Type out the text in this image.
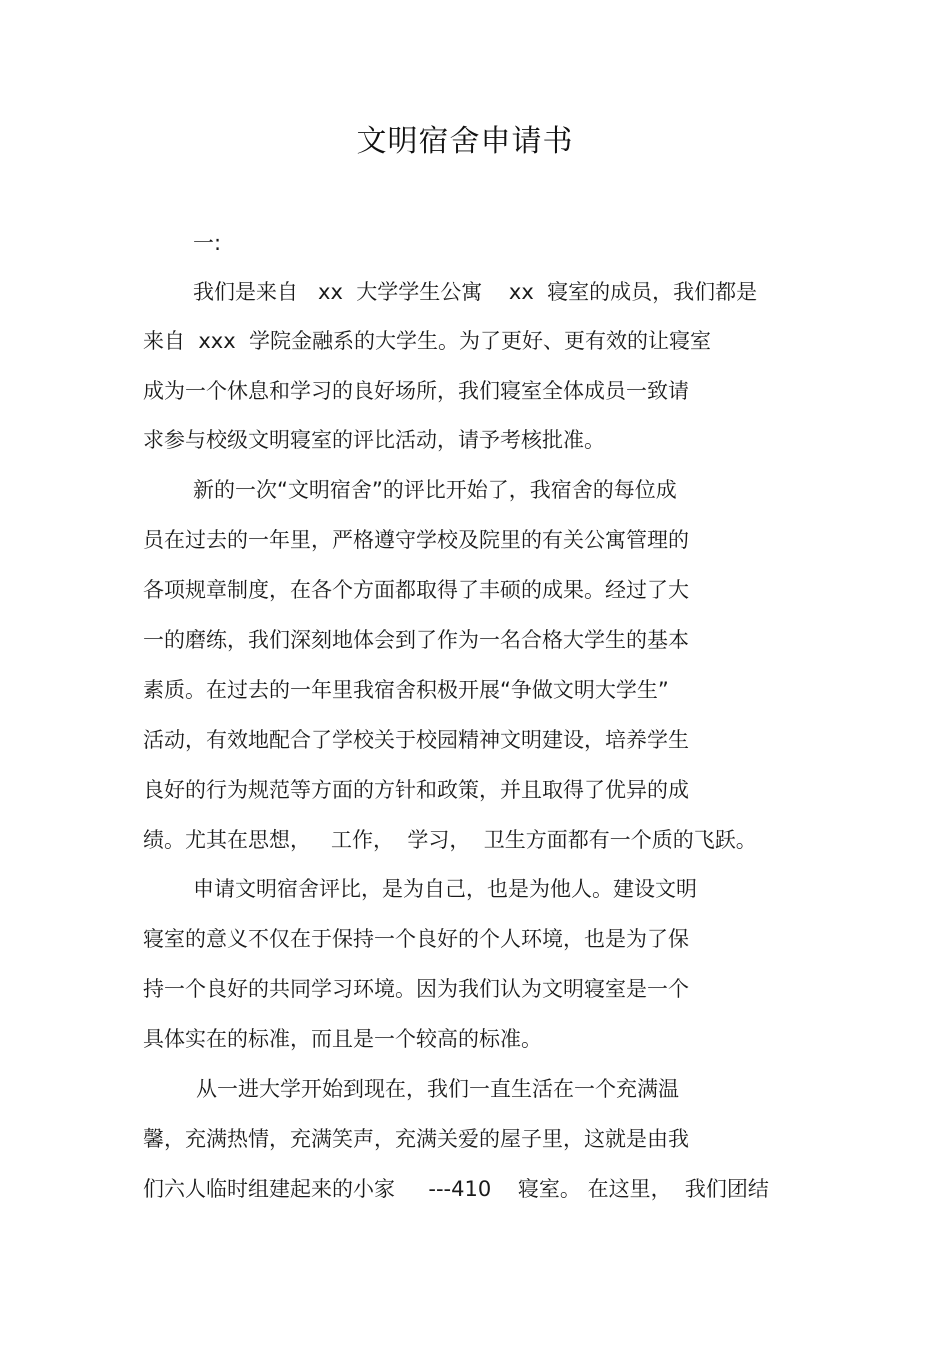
文明宿舍申请书
一:
我们是来自   xx  大学学生公寓    xx  寝室的成员，我们都是
来自  xxx  学院金融系的大学生。为了更好、更有效的让寝室
成为一个休息和学习的良好场所，我们寝室全体成员一致请
求参与校级文明寝室的评比活动，请予考核批准。
新的一次“文明宿舍”的评比开始了，我宿舍的每位成
员在过去的一年里，严格遵守学校及院里的有关公寓管理的
各项规章制度，在各个方面都取得了丰硕的成果。经过了大
一的磨练，我们深刻地体会到了作为一名合格大学生的基本
素质。在过去的一年里我宿舍积极开展“争做文明大学生”
活动，有效地配合了学校关于校园精神文明建设，培养学生
良好的行为规范等方面的方针和政策，并且取得了优异的成
绩。尤其在思想，   工作，  学习，  卫生方面都有一个质的飞跃。
申请文明宿舍评比，是为自己，也是为他人。建设文明
寝室的意义不仅在于保持一个良好的个人环境，也是为了保
持一个良好的共同学习环境。因为我们认为文明寝室是一个
具体实在的标准，而且是一个较高的标准。
从一进大学开始到现在，我们一直生活在一个充满温
馨，充满热情，充满笑声，充满关爱的屋子里，这就是由我
们六人临时组建起来的小家     ---410    寝室。 在这里，  我们团结
